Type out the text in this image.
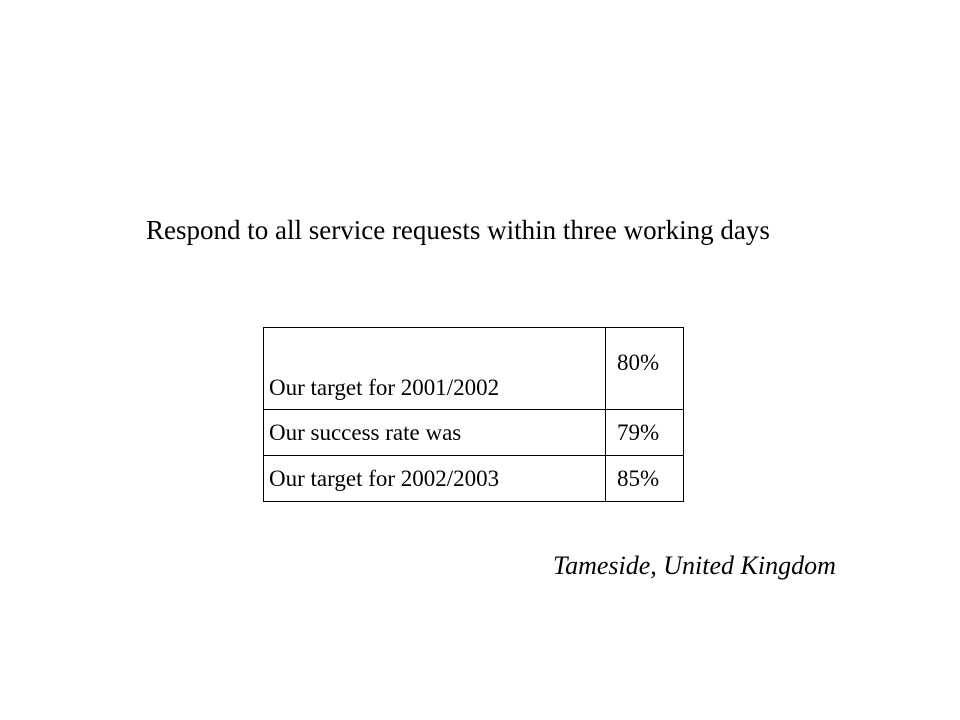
Respond to all service requests within three working days
Our target for 2001/2002	80%
Our success rate was	79%
Our target for 2002/2003	85%
Tameside, United Kingdom
